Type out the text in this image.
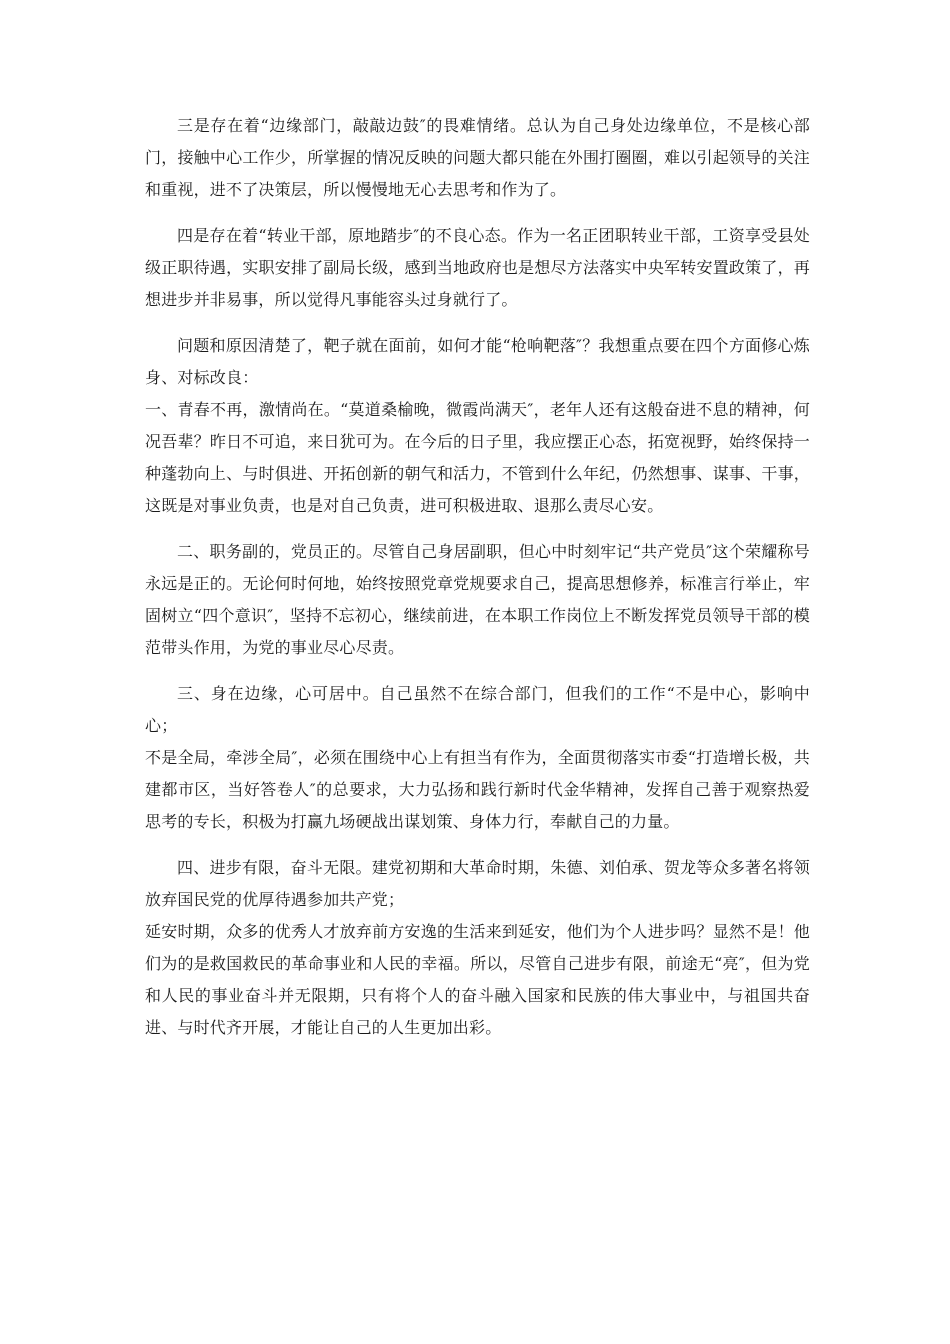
三是存在着“边缘部门，敲敲边鼓″的畏难情绪。总认为自己身处边缘单位，不是核心部门，接触中心工作少，所掌握的情况反映的问题大都只能在外围打圈圈，难以引起领导的关注和重视，进不了决策层，所以慢慢地无心去思考和作为了。

四是存在着“转业干部，原地踏步″的不良心态。作为一名正团职转业干部，工资享受县处级正职待遇，实职安排了副局长级，感到当地政府也是想尽方法落实中央军转安置政策了，再想进步并非易事，所以觉得凡事能容头过身就行了。

问题和原因清楚了，靶子就在面前，如何才能“枪响靶落″？我想重点要在四个方面修心炼身、对标改良：

一、青春不再，激情尚在。“莫道桑榆晚，微霞尚满天″，老年人还有这般奋进不息的精神，何况吾辈？昨日不可追，来日犹可为。在今后的日子里，我应摆正心态，拓宽视野，始终保持一种蓬勃向上、与时俱进、开拓创新的朝气和活力，不管到什么年纪，仍然想事、谋事、干事，这既是对事业负责，也是对自己负责，进可积极进取、退那么责尽心安。

二、职务副的，党员正的。尽管自己身居副职，但心中时刻牢记“共产党员″这个荣耀称号永远是正的。无论何时何地，始终按照党章党规要求自己，提高思想修养，标准言行举止，牢固树立“四个意识″，坚持不忘初心，继续前进，在本职工作岗位上不断发挥党员领导干部的模范带头作用，为党的事业尽心尽责。

三、身在边缘，心可居中。自己虽然不在综合部门，但我们的工作“不是中心，影响中心；

不是全局，牵涉全局″，必须在围绕中心上有担当有作为，全面贯彻落实市委“打造增长极，共建都市区，当好答卷人″的总要求，大力弘扬和践行新时代金华精神，发挥自己善于观察热爱思考的专长，积极为打赢九场硬战出谋划策、身体力行，奉献自己的力量。

四、进步有限，奋斗无限。建党初期和大革命时期，朱德、刘伯承、贺龙等众多著名将领放弃国民党的优厚待遇参加共产党；

延安时期，众多的优秀人才放弃前方安逸的生活来到延安，他们为个人进步吗？显然不是！他们为的是救国救民的革命事业和人民的幸福。所以，尽管自己进步有限，前途无“亮″，但为党和人民的事业奋斗并无限期，只有将个人的奋斗融入国家和民族的伟大事业中，与祖国共奋进、与时代齐开展，才能让自己的人生更加出彩。
